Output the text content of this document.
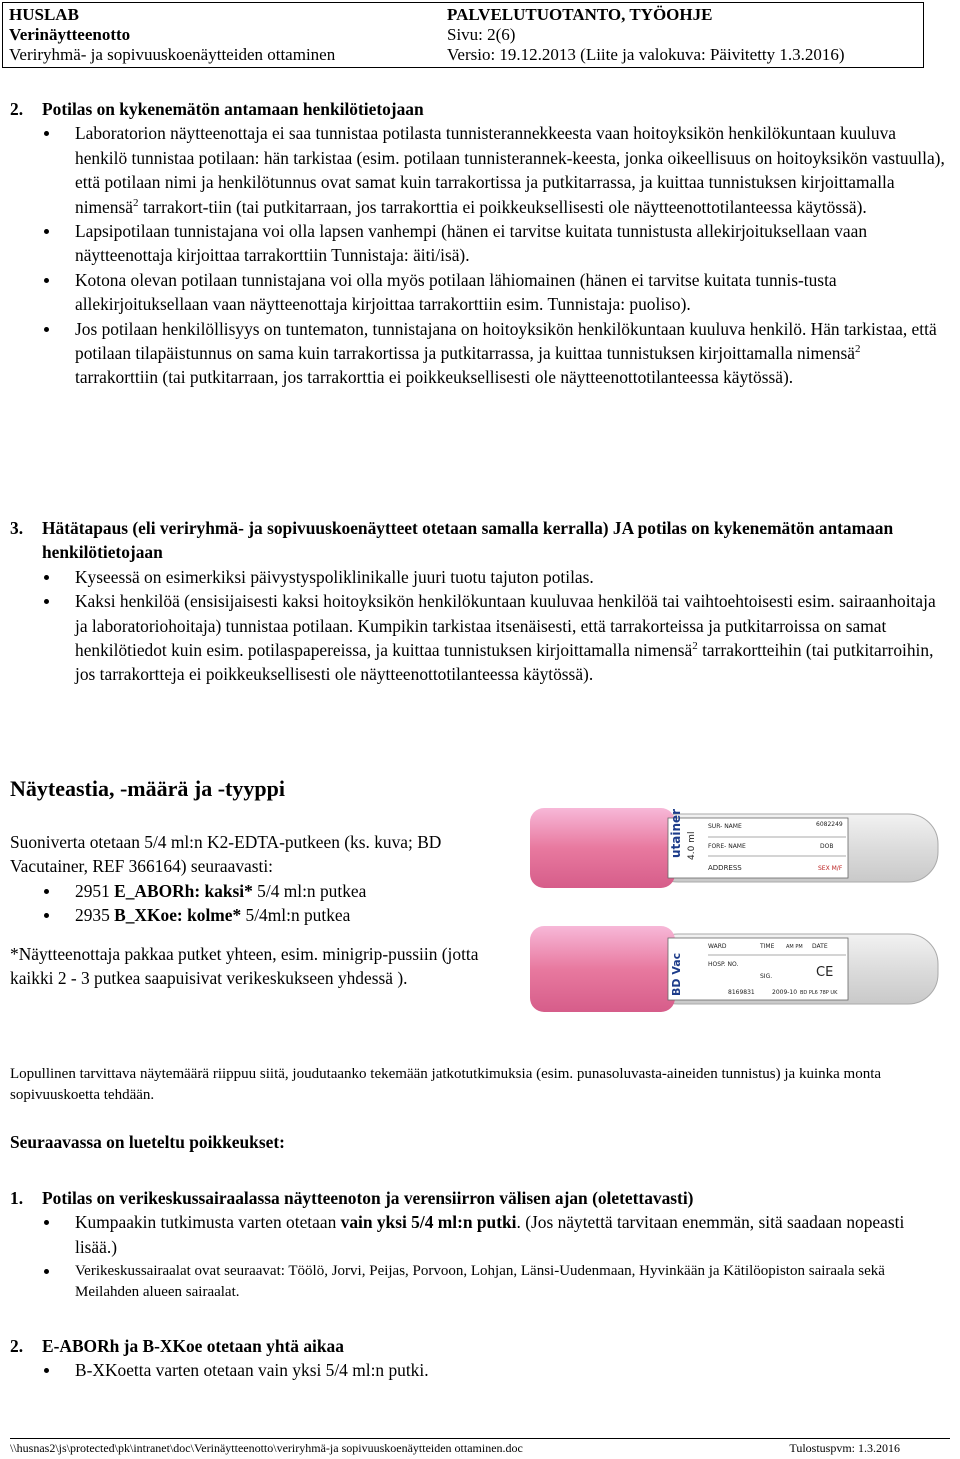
HUSLAB
Verinäytteenotto
Veriryhmä- ja sopivuuskoenäytteiden ottaminen
PALVELUTUOTANTO, TYÖOHJE
Sivu: 2(6)
Versio: 19.12.2013 (Liite ja valokuva: Päivitetty 1.3.2016)
2.	Potilas on kykenemätön antamaan henkilötietojaan
Laboratorion näytteenottaja ei saa tunnistaa potilasta tunnisterannekkeesta vaan hoitoyksikön henkilökuntaan kuuluva henkilö tunnistaa potilaan: hän tarkistaa (esim. potilaan tunnisterannek-keesta, jonka oikeellisuus on hoitoyksikön vastuulla), että potilaan nimi ja henkilötunnus ovat samat kuin tarrakortissa ja putkitarrassa, ja kuittaa tunnistuksen kirjoittamalla nimensä$^2$ tarrakort-tiin (tai putkitarraan, jos tarrakorttia ei poikkeuksellisesti ole näytteenottotilanteessa käytössä).
Lapsipotilaan tunnistajana voi olla lapsen vanhempi (hänen ei tarvitse kuitata tunnistusta allekirjoituksellaan vaan näytteenottaja kirjoittaa tarrakorttiin Tunnistaja: äiti/isä).
Kotona olevan potilaan tunnistajana voi olla myös potilaan lähiomainen (hänen ei tarvitse kuitata tunnis-tusta allekirjoituksellaan vaan näytteenottaja kirjoittaa tarrakorttiin esim. Tunnistaja: puoliso).
Jos potilaan henkilöllisyys on tuntematon, tunnistajana on hoitoyksikön henkilökuntaan kuuluva henkilö. Hän tarkistaa, että potilaan tilapäistunnus on sama kuin tarrakortissa ja putkitarrassa, ja kuittaa tunnistuksen kirjoittamalla nimensä$^2$ tarrakorttiin (tai putkitarraan, jos tarrakorttia ei poikkeuksellisesti ole näytteenottotilanteessa käytössä).
3.	Hätätapaus (eli veriryhmä- ja sopivuuskoenäytteet otetaan samalla kerralla) JA potilas on kykenemätön antamaan henkilötietojaan
Kyseessä on esimerkiksi päivystyspoliklinikalle juuri tuotu tajuton potilas.
Kaksi henkilöä (ensisijaisesti kaksi hoitoyksikön henkilökuntaan kuuluvaa henkilöä tai vaihtoehtoisesti esim. sairaanhoitaja ja laboratoriohoitaja) tunnistaa potilaan. Kumpikin tarkistaa itsenäisesti, että tarrakorteissa ja putkitarroissa on samat henkilötiedot kuin esim. potilaspapereissa, ja kuittaa tunnistuksen kirjoittamalla nimensä$^2$ tarrakortteihin (tai putkitarroihin, jos tarrakortteja ei poikkeuksellisesti ole näytteenottotilanteessa käytössä).
Näyteastia, -määrä ja -tyyppi
Suoniverta otetaan 5/4 ml:n K2-EDTA-putkeen (ks. kuva; BD Vacutainer, REF 366164) seuraavasti:
2951 E_ABORh: kaksi* 5/4 ml:n putkea
2935 B_XKoe: kolme* 5/4ml:n putkea
*Näytteenottaja pakkaa putket yhteen, esim. minigrip-pussiin (jotta kaikki 2 - 3 putkea saapuisivat verikeskukseen yhdessä ).
utainer 4.0 ml
SUR- NAME
FORE- NAME
ADDRESS
DOB
SEX M/F
6082249
BD Vac
WARD	TIME AM PM DATE
HOSP. NO.
SIG.	CE
8169831	2009-10 BD PL6 78P UK
Lopullinen tarvittava näytemäärä riippuu siitä, joudutaanko tekemään jatkotutkimuksia (esim. punasoluvasta-aineiden tunnistus) ja kuinka monta sopivuuskoetta tehdään.
Seuraavassa on lueteltu poikkeukset:
1.	Potilas on verikeskussairaalassa näytteenoton ja verensiirron välisen ajan (oletettavasti)
Kumpaakin tutkimusta varten otetaan vain yksi 5/4 ml:n putki. (Jos näytettä tarvitaan enemmän, sitä saadaan nopeasti lisää.)
Verikeskussairaalat ovat seuraavat: Töölö, Jorvi, Peijas, Porvoon, Lohjan, Länsi-Uudenmaan, Hyvinkään ja Kätilöopiston sairaala sekä Meilahden alueen sairaalat.
2.	E-ABORh ja B-XKoe otetaan yhtä aikaa
B-XKoetta varten otetaan vain yksi 5/4 ml:n putki.
\\husnas2\js\protected\pk\intranet\doc\Verinäytteenotto\veriryhmä-ja sopivuuskoenäytteiden ottaminen.doc	Tulostuspvm: 1.3.2016
